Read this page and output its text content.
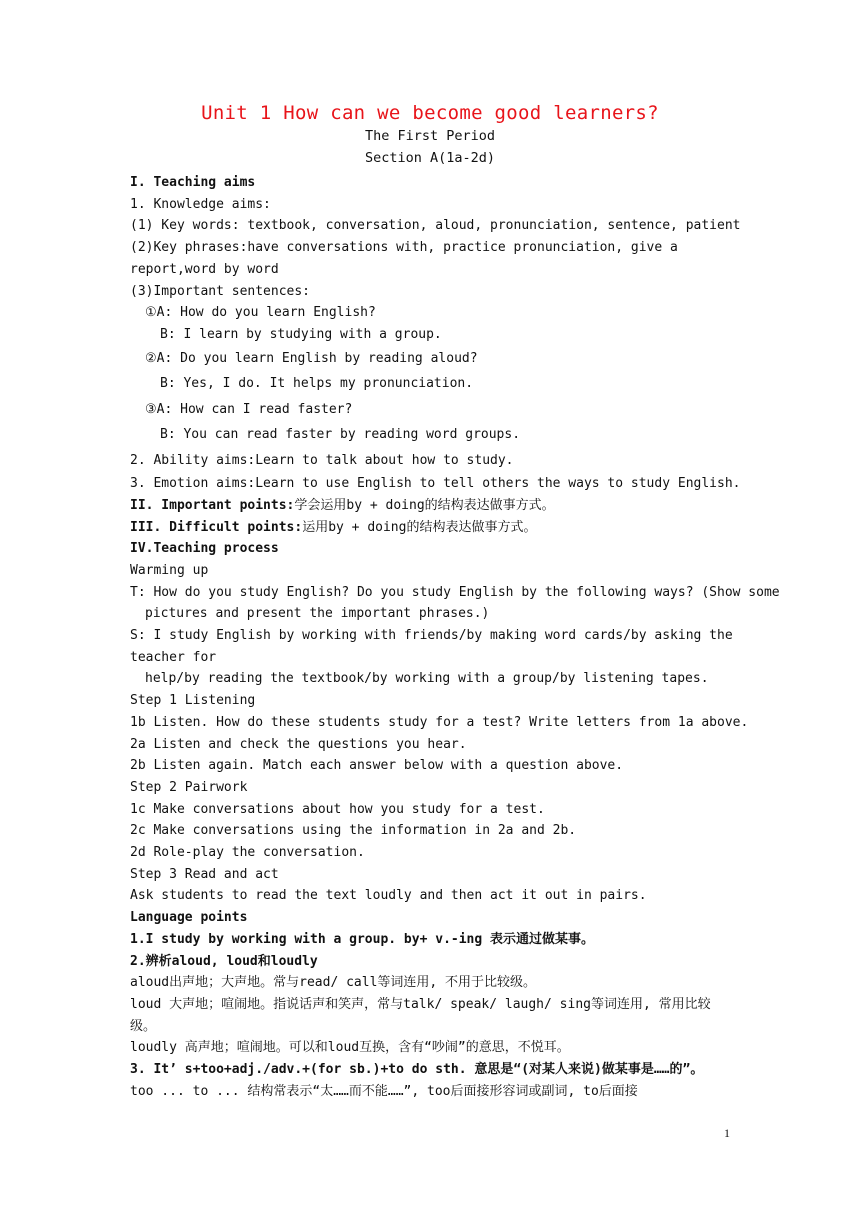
Unit 1 How can we become good learners?
The First Period
Section A(1a-2d)
I. Teaching aims
1. Knowledge aims:
(1) Key words: textbook, conversation, aloud, pronunciation, sentence, patient
(2)Key phrases:have conversations with, practice pronunciation, give a report,word by word
(3)Important sentences:
①A: How do you learn English?
B: I learn by studying with a group.
②A: Do you learn English by reading aloud?
B: Yes, I do. It helps my pronunciation.
③A: How can I read faster?
B: You can read faster by reading word groups.
2. Ability aims:Learn to talk about how to study.
3. Emotion aims:Learn to use English to tell others the ways to study English.
II. Important points:学会运用by + doing的结构表达做事方式。
III. Difficult points:运用by + doing的结构表达做事方式。
IV.Teaching process
Warming up
T: How do you study English? Do you study English by the following ways? (Show some
pictures and present the important phrases.)
S: I study English by working with friends/by making word cards/by asking the teacher for
help/by reading the textbook/by working with a group/by listening tapes.
Step 1 Listening
1b Listen. How do these students study for a test? Write letters from 1a above.
2a Listen and check the questions you hear.
2b Listen again. Match each answer below with a question above.
Step 2 Pairwork
1c Make conversations about how you study for a test.
2c Make conversations using the information in 2a and 2b.
2d Role-play the conversation.
Step 3 Read and act
Ask students to read the text loudly and then act it out in pairs.
Language points
1.I study by working with a group. by+ v.-ing 表示通过做某事。
2.辨析aloud, loud和loudly
aloud出声地；大声地。常与read/ call等词连用, 不用于比较级。
loud 大声地；喧闹地。指说话声和笑声，常与talk/ speak/ laugh/ sing等词连用, 常用比较级。
loudly 高声地；喧闹地。可以和loud互换，含有“吵闹”的意思，不悦耳。
3. It’ s+too+adj./adv.+(for sb.)+to do sth. 意思是“(对某人来说)做某事是……的”。
too ... to ... 结构常表示“太……而不能……”, too后面接形容词或副词, to后面接
1
